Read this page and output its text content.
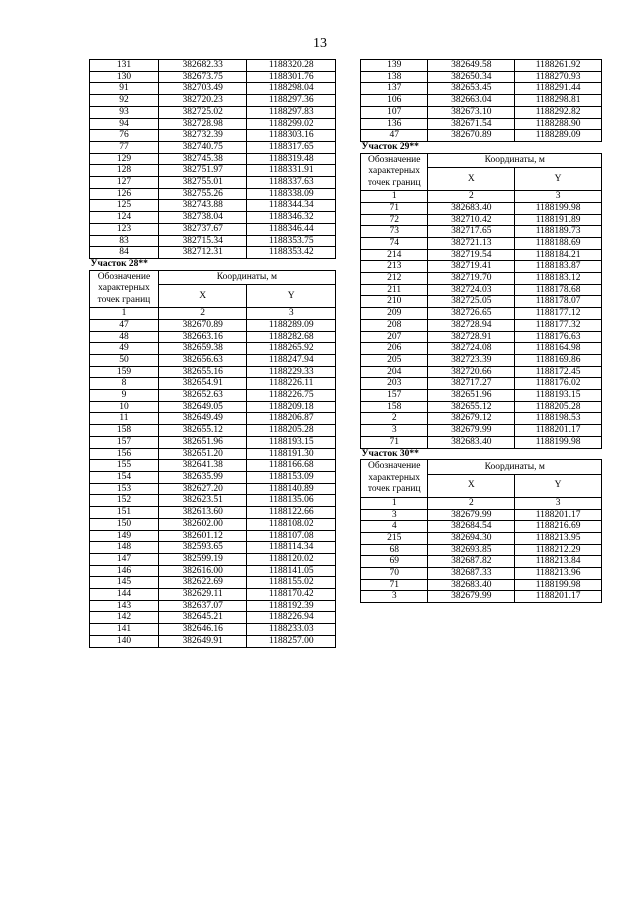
13
131	382682.33	1188320.28
130	382673.75	1188301.76
91	382703.49	1188298.04
92	382720.23	1188297.36
93	382725.02	1188297.83
94	382728.98	1188299.02
76	382732.39	1188303.16
77	382740.75	1188317.65
129	382745.38	1188319.48
128	382751.97	1188331.91
127	382755.01	1188337.63
126	382755.26	1188338.09
125	382743.88	1188344.34
124	382738.04	1188346.32
123	382737.67	1188346.44
83	382715.34	1188353.75
84	382712.31	1188353.42
Участок 28**		
Обозначение характерных точек границ	Координаты, м	
	X	Y
1	2	3
47	382670.89	1188289.09
48	382663.16	1188282.68
49	382659.38	1188265.92
50	382656.63	1188247.94
159	382655.16	1188229.33
8	382654.91	1188226.11
9	382652.63	1188226.75
10	382649.05	1188209.18
11	382649.49	1188206.87
158	382655.12	1188205.28
157	382651.96	1188193.15
156	382651.20	1188191.30
155	382641.38	1188166.68
154	382635.99	1188153.09
153	382627.20	1188140.89
152	382623.51	1188135.06
151	382613.60	1188122.66
150	382602.00	1188108.02
149	382601.12	1188107.08
148	382593.65	1188114.34
147	382599.19	1188120.02
146	382616.00	1188141.05
145	382622.69	1188155.02
144	382629.11	1188170.42
143	382637.07	1188192.39
142	382645.21	1188226.94
141	382646.16	1188233.03
140	382649.91	1188257.00
139	382649.58	1188261.92
138	382650.34	1188270.93
137	382653.45	1188291.44
106	382663.04	1188298.81
107	382673.10	1188292.82
136	382671.54	1188288.90
47	382670.89	1188289.09
Участок 29**		
Обозначение характерных точек границ	Координаты, м	
	X	Y
1	2	3
71	382683.40	1188199.98
72	382710.42	1188191.89
73	382717.65	1188189.73
74	382721.13	1188188.69
214	382719.54	1188184.21
213	382719.41	1188183.87
212	382719.70	1188183.12
211	382724.03	1188178.68
210	382725.05	1188178.07
209	382726.65	1188177.12
208	382728.94	1188177.32
207	382728.91	1188176.63
206	382724.08	1188164.98
205	382723.39	1188169.86
204	382720.66	1188172.45
203	382717.27	1188176.02
157	382651.96	1188193.15
158	382655.12	1188205.28
2	382679.12	1188198.53
3	382679.99	1188201.17
71	382683.40	1188199.98
Участок 30**		
Обозначение характерных точек границ	Координаты, м	
	X	Y
1	2	3
3	382679.99	1188201.17
4	382684.54	1188216.69
215	382694.30	1188213.95
68	382693.85	1188212.29
69	382687.82	1188213.84
70	382687.33	1188213.96
71	382683.40	1188199.98
3	382679.99	1188201.17
